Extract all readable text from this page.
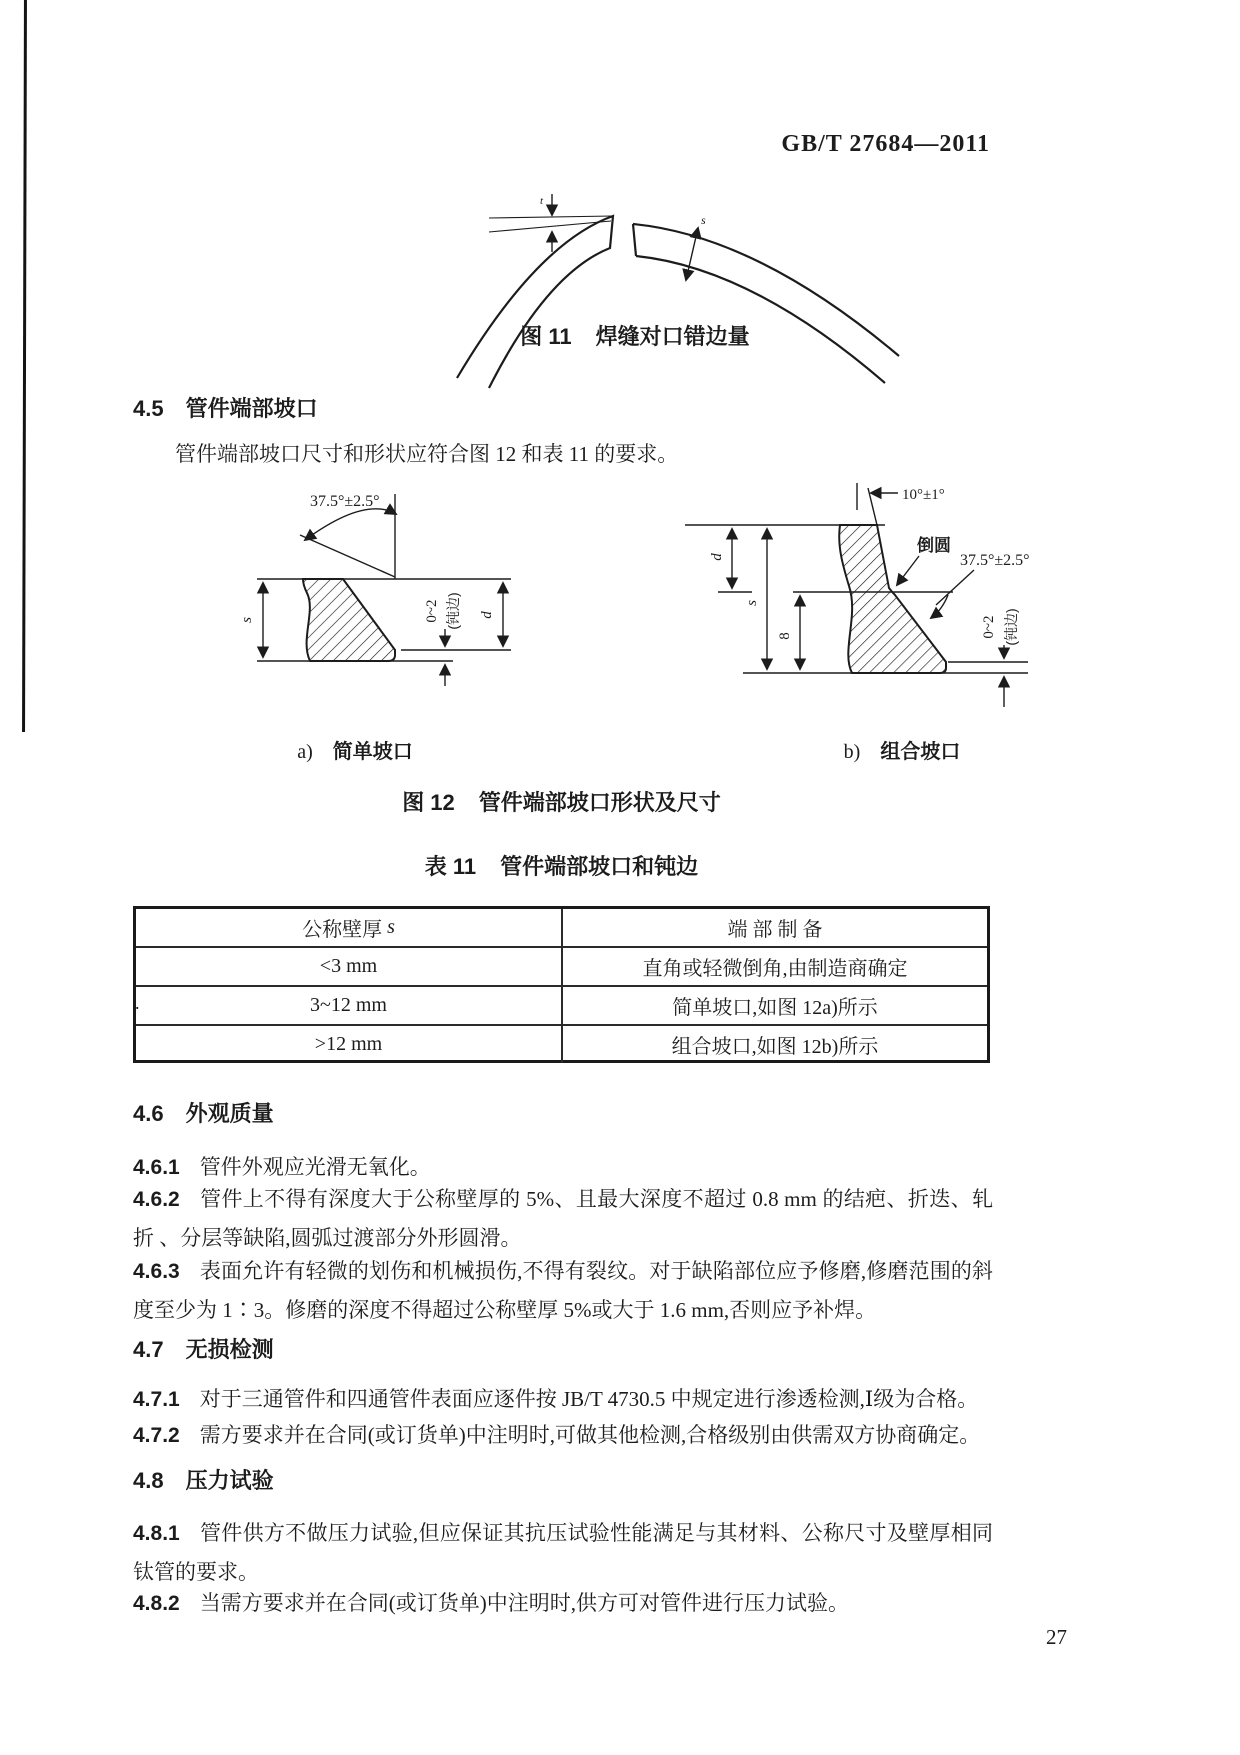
GB/T 27684—2011
t
s
图 11 焊缝对口错边量
4.5 管件端部坡口
管件端部坡口尺寸和形状应符合图 12 和表 11 的要求。
37.5°±2.5°
s	0~2 (钝边) d
10°±1°
倒圆
37.5°±2.5°
d
s
8	0~2 (钝边)
a) 简单坡口	b) 组合坡口
图 12 管件端部坡口形状及尺寸
表 11 管件端部坡口和钝边
公称壁厚
s	端 部 制 备
<3 mm	直角或轻微倒角,由制造商确定
3~12 mm	简单坡口,如图 12a)所示
>12 mm	组合坡口,如图 12b)所示
.
4.6 外观质量
4.6.1 管件外观应光滑无氧化。
4.6.2 管件上不得有深度大于公称壁厚的 5%、且最大深度不超过 0.8 mm 的结疤、折迭、轧折 、分层等缺陷,圆弧过渡部分外形圆滑。
4.6.3 表面允许有轻微的划伤和机械损伤,不得有裂纹。对于缺陷部位应予修磨,修磨范围的斜度至少为 1∶3。修磨的深度不得超过公称壁厚 5%或大于 1.6 mm,否则应予补焊。
4.7 无损检测
4.7.1 对于三通管件和四通管件表面应逐件按 JB/T 4730.5 中规定进行渗透检测,Ⅰ级为合格。
4.7.2 需方要求并在合同(或订货单)中注明时,可做其他检测,合格级别由供需双方协商确定。
4.8 压力试验
4.8.1 管件供方不做压力试验,但应保证其抗压试验性能满足与其材料、公称尺寸及壁厚相同钛管的要求。
4.8.2 当需方要求并在合同(或订货单)中注明时,供方可对管件进行压力试验。
27
